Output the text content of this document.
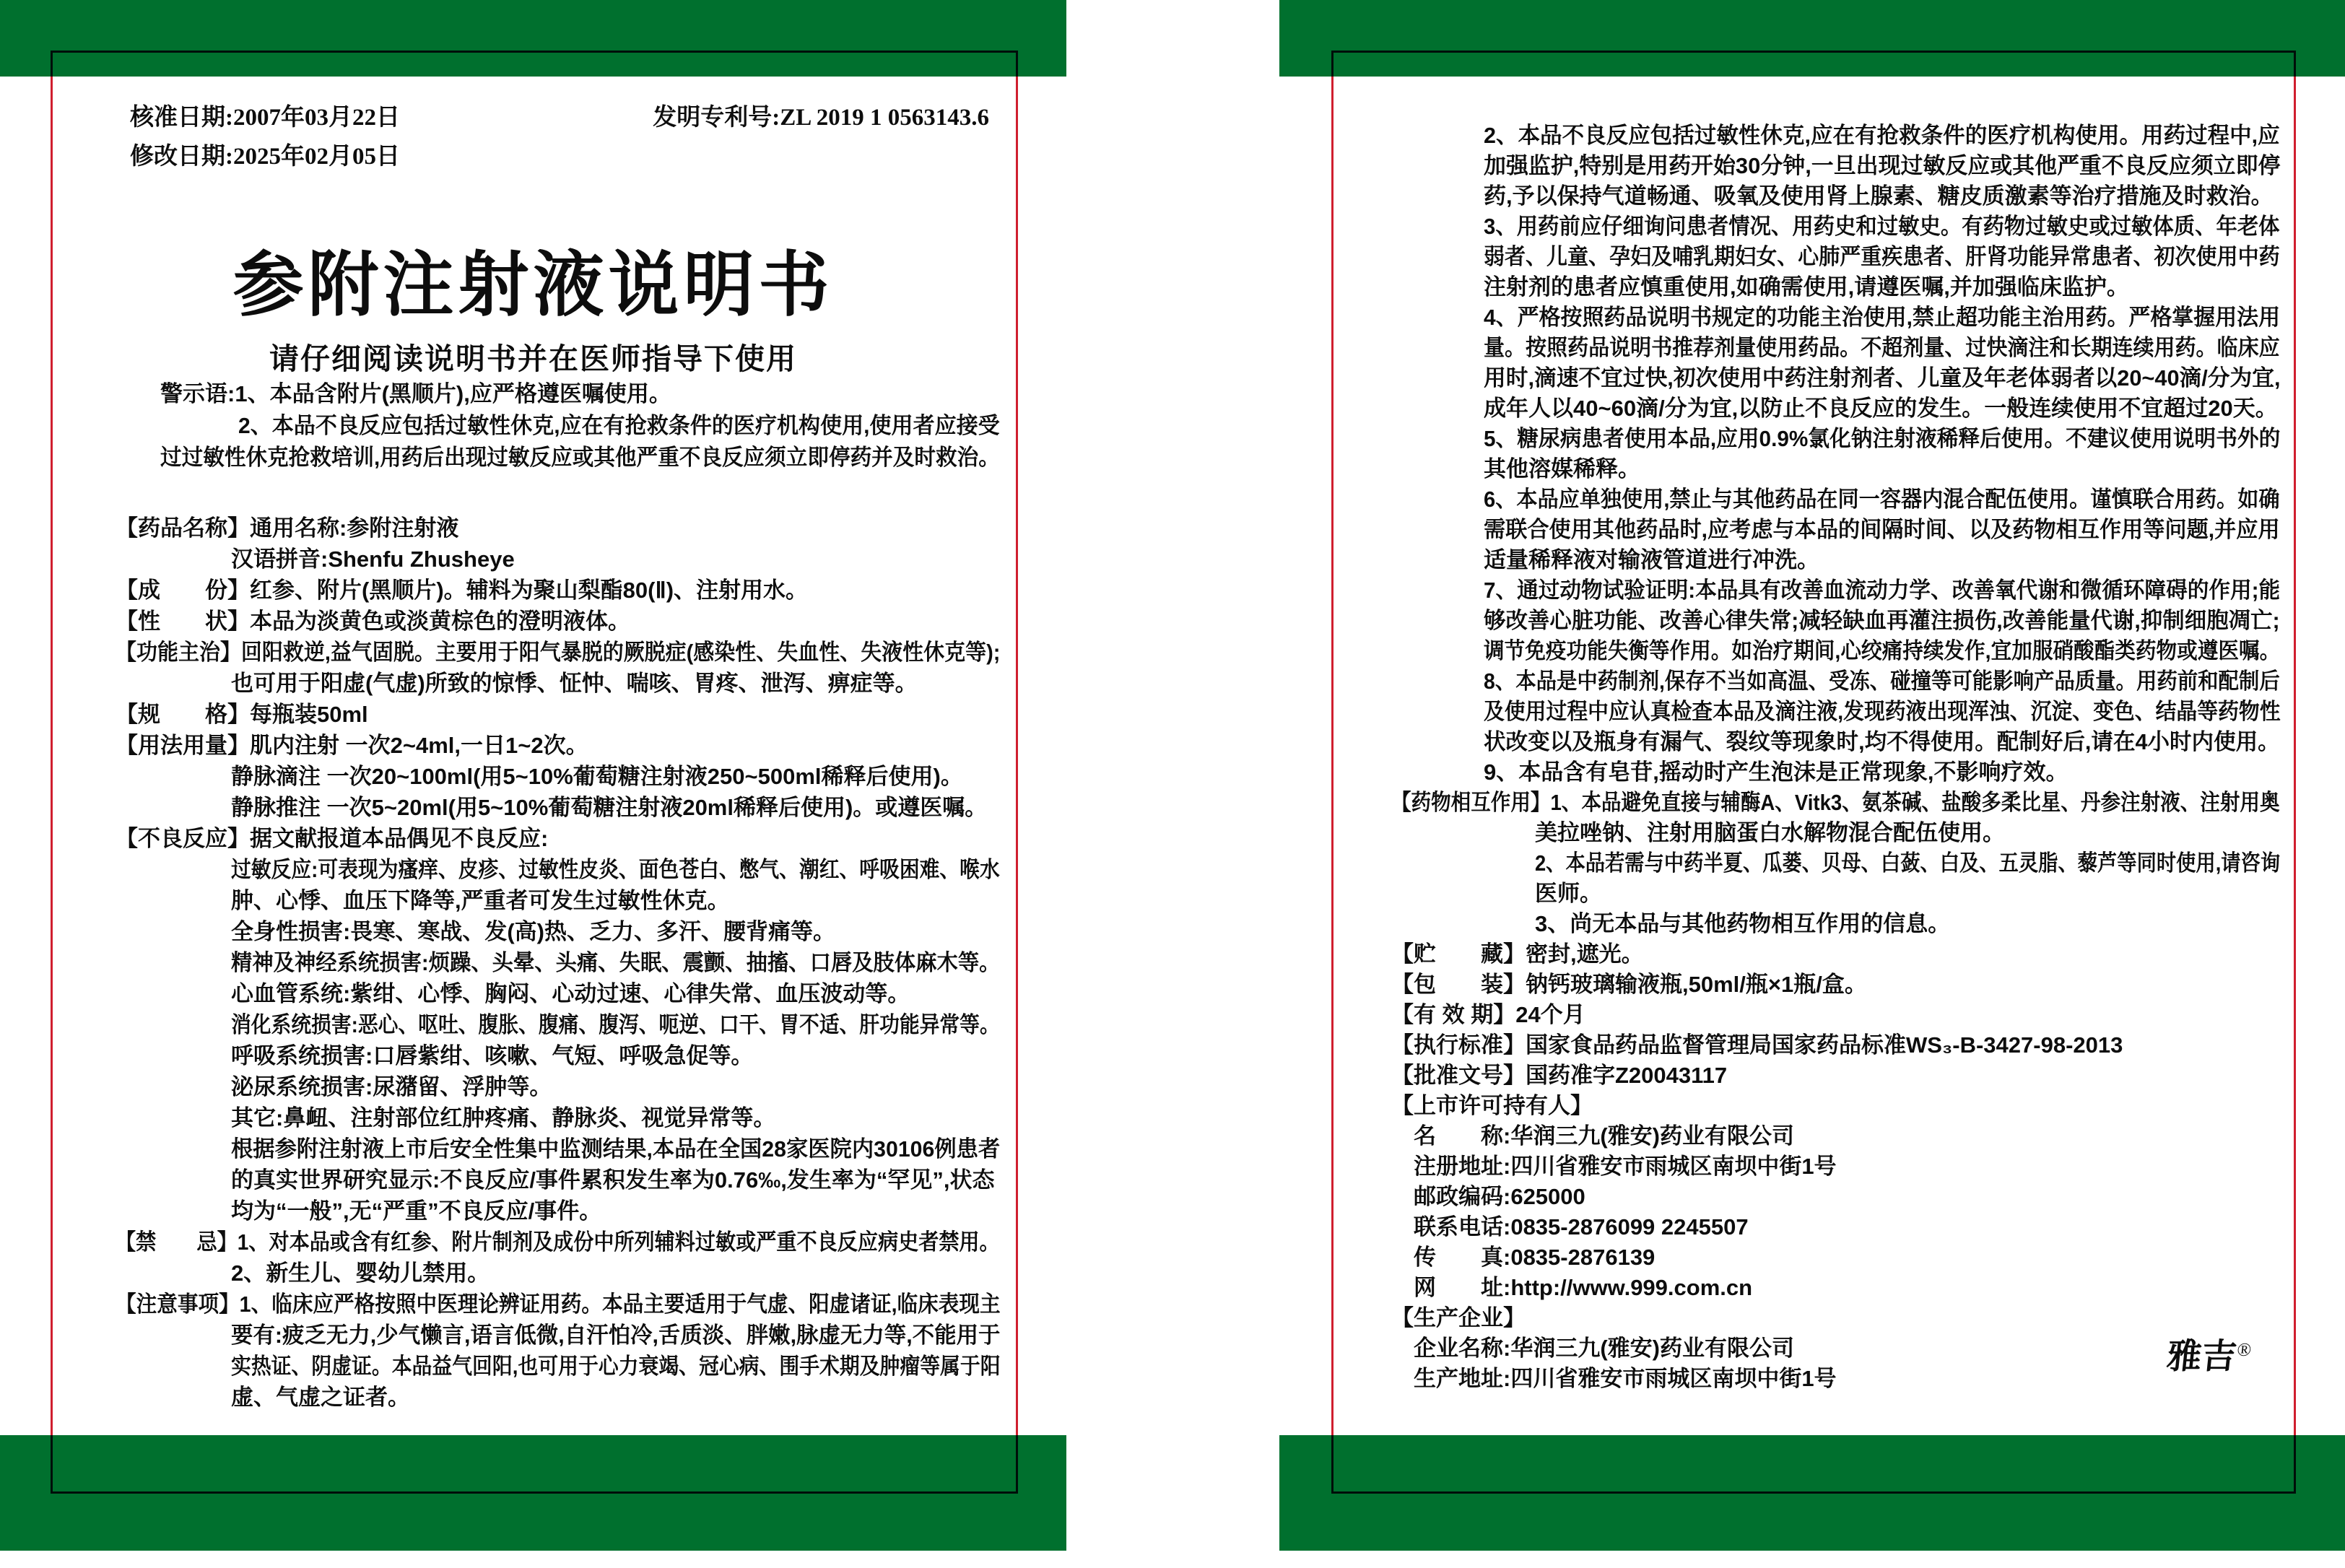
核准日期:2007年03月22日
修改日期:2025年02月05日
发明专利号:ZL 2019 1 0563143.6
参附注射液说明书
请仔细阅读说明书并在医师指导下使用
警示语:1、本品含附片(黑顺片),应严格遵医嘱使用。
2、本品不良反应包括过敏性休克,应在有抢救条件的医疗机构使用,使用者应接受
过过敏性休克抢救培训,用药后出现过敏反应或其他严重不良反应须立即停药并及时救治。
【药品名称】通用名称:参附注射液
汉语拼音:Shenfu Zhusheye
【成　　份】红参、附片(黑顺片)。辅料为聚山梨酯80(Ⅱ)、注射用水。
【性　　状】本品为淡黄色或淡黄棕色的澄明液体。
【功能主治】回阳救逆,益气固脱。主要用于阳气暴脱的厥脱症(感染性、失血性、失液性休克等);
也可用于阳虚(气虚)所致的惊悸、怔忡、喘咳、胃疼、泄泻、痹症等。
【规　　格】每瓶装50ml
【用法用量】肌内注射 一次2~4ml,一日1~2次。
静脉滴注 一次20~100ml(用5~10%葡萄糖注射液250~500ml稀释后使用)。
静脉推注 一次5~20ml(用5~10%葡萄糖注射液20ml稀释后使用)。或遵医嘱。
【不良反应】据文献报道本品偶见不良反应:
过敏反应:可表现为瘙痒、皮疹、过敏性皮炎、面色苍白、憋气、潮红、呼吸困难、喉水
肿、心悸、血压下降等,严重者可发生过敏性休克。
全身性损害:畏寒、寒战、发(高)热、乏力、多汗、腰背痛等。
精神及神经系统损害:烦躁、头晕、头痛、失眠、震颤、抽搐、口唇及肢体麻木等。
心血管系统:紫绀、心悸、胸闷、心动过速、心律失常、血压波动等。
消化系统损害:恶心、呕吐、腹胀、腹痛、腹泻、呃逆、口干、胃不适、肝功能异常等。
呼吸系统损害:口唇紫绀、咳嗽、气短、呼吸急促等。
泌尿系统损害:尿潴留、浮肿等。
其它:鼻衄、注射部位红肿疼痛、静脉炎、视觉异常等。
根据参附注射液上市后安全性集中监测结果,本品在全国28家医院内30106例患者
的真实世界研究显示:不良反应/事件累积发生率为0.76‰,发生率为“罕见”,状态
均为“一般”,无“严重”不良反应/事件。
【禁　　忌】1、对本品或含有红参、附片制剂及成份中所列辅料过敏或严重不良反应病史者禁用。
2、新生儿、婴幼儿禁用。
【注意事项】1、临床应严格按照中医理论辨证用药。本品主要适用于气虚、阳虚诸证,临床表现主
要有:疲乏无力,少气懒言,语言低微,自汗怕冷,舌质淡、胖嫩,脉虚无力等,不能用于
实热证、阴虚证。本品益气回阳,也可用于心力衰竭、冠心病、围手术期及肿瘤等属于阳
虚、气虚之证者。
2、本品不良反应包括过敏性休克,应在有抢救条件的医疗机构使用。用药过程中,应
加强监护,特别是用药开始30分钟,一旦出现过敏反应或其他严重不良反应须立即停
药,予以保持气道畅通、吸氧及使用肾上腺素、糖皮质激素等治疗措施及时救治。
3、用药前应仔细询问患者情况、用药史和过敏史。有药物过敏史或过敏体质、年老体
弱者、儿童、孕妇及哺乳期妇女、心肺严重疾患者、肝肾功能异常患者、初次使用中药
注射剂的患者应慎重使用,如确需使用,请遵医嘱,并加强临床监护。
4、严格按照药品说明书规定的功能主治使用,禁止超功能主治用药。严格掌握用法用
量。按照药品说明书推荐剂量使用药品。不超剂量、过快滴注和长期连续用药。临床应
用时,滴速不宜过快,初次使用中药注射剂者、儿童及年老体弱者以20~40滴/分为宜,
成年人以40~60滴/分为宜,以防止不良反应的发生。一般连续使用不宜超过20天。
5、糖尿病患者使用本品,应用0.9%氯化钠注射液稀释后使用。不建议使用说明书外的
其他溶媒稀释。
6、本品应单独使用,禁止与其他药品在同一容器内混合配伍使用。谨慎联合用药。如确
需联合使用其他药品时,应考虑与本品的间隔时间、以及药物相互作用等问题,并应用
适量稀释液对输液管道进行冲洗。
7、通过动物试验证明:本品具有改善血流动力学、改善氧代谢和微循环障碍的作用;能
够改善心脏功能、改善心律失常;减轻缺血再灌注损伤,改善能量代谢,抑制细胞凋亡;
调节免疫功能失衡等作用。如治疗期间,心绞痛持续发作,宜加服硝酸酯类药物或遵医嘱。
8、本品是中药制剂,保存不当如高温、受冻、碰撞等可能影响产品质量。用药前和配制后
及使用过程中应认真检查本品及滴注液,发现药液出现浑浊、沉淀、变色、结晶等药物性
状改变以及瓶身有漏气、裂纹等现象时,均不得使用。配制好后,请在4小时内使用。
9、本品含有皂苷,摇动时产生泡沫是正常现象,不影响疗效。
【药物相互作用】1、本品避免直接与辅酶A、Vitk3、氨茶碱、盐酸多柔比星、丹参注射液、注射用奥
美拉唑钠、注射用脑蛋白水解物混合配伍使用。
2、本品若需与中药半夏、瓜蒌、贝母、白蔹、白及、五灵脂、藜芦等同时使用,请咨询
医师。
3、尚无本品与其他药物相互作用的信息。
【贮　　藏】密封,遮光。
【包　　装】钠钙玻璃输液瓶,50ml/瓶×1瓶/盒。
【有 效 期】24个月
【执行标准】国家食品药品监督管理局国家药品标准WS₃-B-3427-98-2013
【批准文号】国药准字Z20043117
【上市许可持有人】
名　　称:华润三九(雅安)药业有限公司
注册地址:四川省雅安市雨城区南坝中街1号
邮政编码:625000
联系电话:0835-2876099 2245507
传　　真:0835-2876139
网　　址:http://www.999.com.cn
【生产企业】
企业名称:华润三九(雅安)药业有限公司
生产地址:四川省雅安市雨城区南坝中街1号
雅吉®
